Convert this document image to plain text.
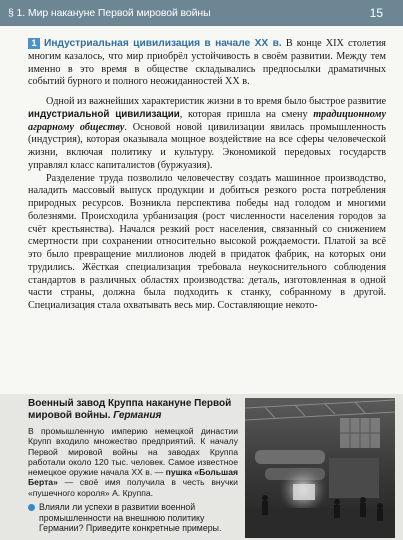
§ 1. Мир накануне Первой мировой войны	15

1 Индустриальная цивилизация в начале XX в. В конце XIX столетия многим казалось, что мир приобрёл устойчивость в своём развитии. Между тем именно в это время в обществе складывались предпосылки драматичных событий бурного и полного неожиданностей XX в.

Одной из важнейших характеристик жизни в то время было быстрое развитие индустриальной цивилизации, которая пришла на смену традиционному аграрному обществу. Основой новой цивилизации явилась промышленность (индустрия), которая оказывала мощное воздействие на все сферы человеческой жизни, включая политику и культуру. Экономикой передовых государств управлял класс капиталистов (буржуазия).

Разделение труда позволило человечеству создать машинное производство, наладить массовый выпуск продукции и добиться резкого роста потребления природных ресурсов. Возникла перспектива победы над голодом и многими болезнями. Происходила урбанизация (рост численности населения городов за счёт крестьянства). Начался резкий рост населения, связанный со снижением смертности при сохранении относительно высокой рождаемости. Платой за всё это было превращение миллионов людей в придаток фабрик, на которых они трудились. Жёсткая специализация требовала неукоснительного соблюдения стандартов в различных областях производства: деталь, изготовленная в одной части страны, должна была подходить к станку, собранному в другой. Специализация стала охватывать весь мир. Составляющие некото-

Военный завод Круппа накануне Первой мировой войны. Германия
В промышленную империю немецкой династии Крупп входило множество предприятий. К началу Первой мировой войны на заводах Круппа работали около 120 тыс. человек. Самое известное немецкое оружие начала XX в. — пушка «Большая Берта» — своё имя получила в честь внучки «пушечного короля» А. Круппа.
Влияли ли успехи в развитии военной промышленности на внешнюю политику Германии? Приведите конкретные примеры.
